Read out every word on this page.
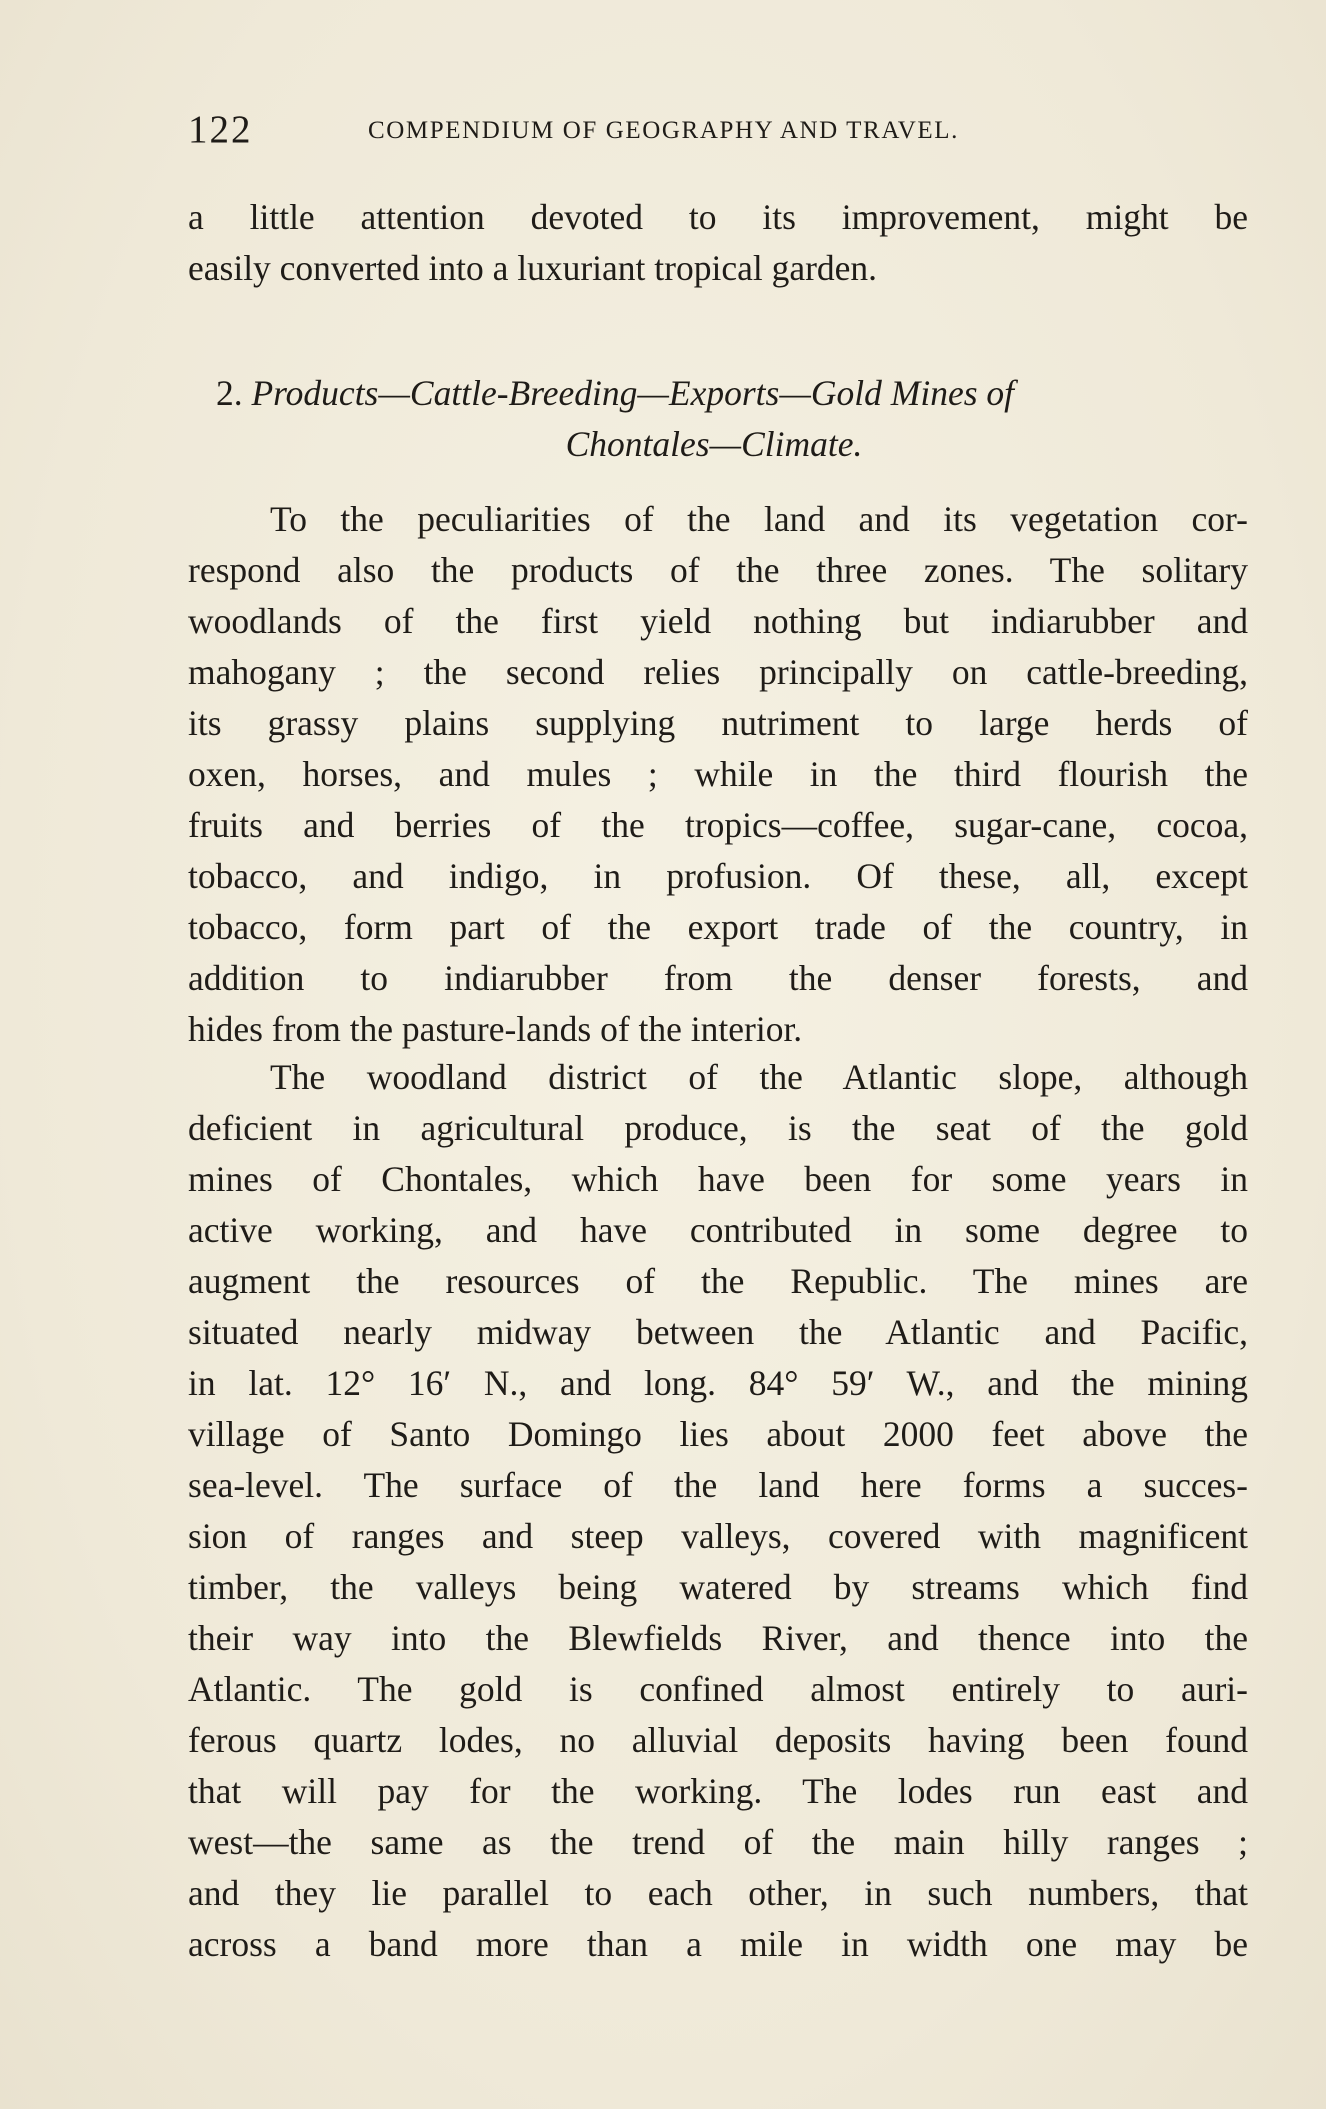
122	COMPENDIUM OF GEOGRAPHY AND TRAVEL.
a little attention devoted to its improvement, might be
easily converted into a luxuriant tropical garden.
2. Products—Cattle-Breeding—Exports—Gold Mines of
Chontales—Climate.
To the peculiarities of the land and its vegetation cor-
respond also the products of the three zones. The solitary
woodlands of the first yield nothing but indiarubber and
mahogany ; the second relies principally on cattle-breeding,
its grassy plains supplying nutriment to large herds of
oxen, horses, and mules ; while in the third flourish the
fruits and berries of the tropics—coffee, sugar-cane, cocoa,
tobacco, and indigo, in profusion. Of these, all, except
tobacco, form part of the export trade of the country, in
addition to indiarubber from the denser forests, and
hides from the pasture-lands of the interior.
The woodland district of the Atlantic slope, although
deficient in agricultural produce, is the seat of the gold
mines of Chontales, which have been for some years in
active working, and have contributed in some degree to
augment the resources of the Republic. The mines are
situated nearly midway between the Atlantic and Pacific,
in lat. 12° 16′ N., and long. 84° 59′ W., and the mining
village of Santo Domingo lies about 2000 feet above the
sea-level. The surface of the land here forms a succes-
sion of ranges and steep valleys, covered with magnificent
timber, the valleys being watered by streams which find
their way into the Blewfields River, and thence into the
Atlantic. The gold is confined almost entirely to auri-
ferous quartz lodes, no alluvial deposits having been found
that will pay for the working. The lodes run east and
west—the same as the trend of the main hilly ranges ;
and they lie parallel to each other, in such numbers, that
across a band more than a mile in width one may be
